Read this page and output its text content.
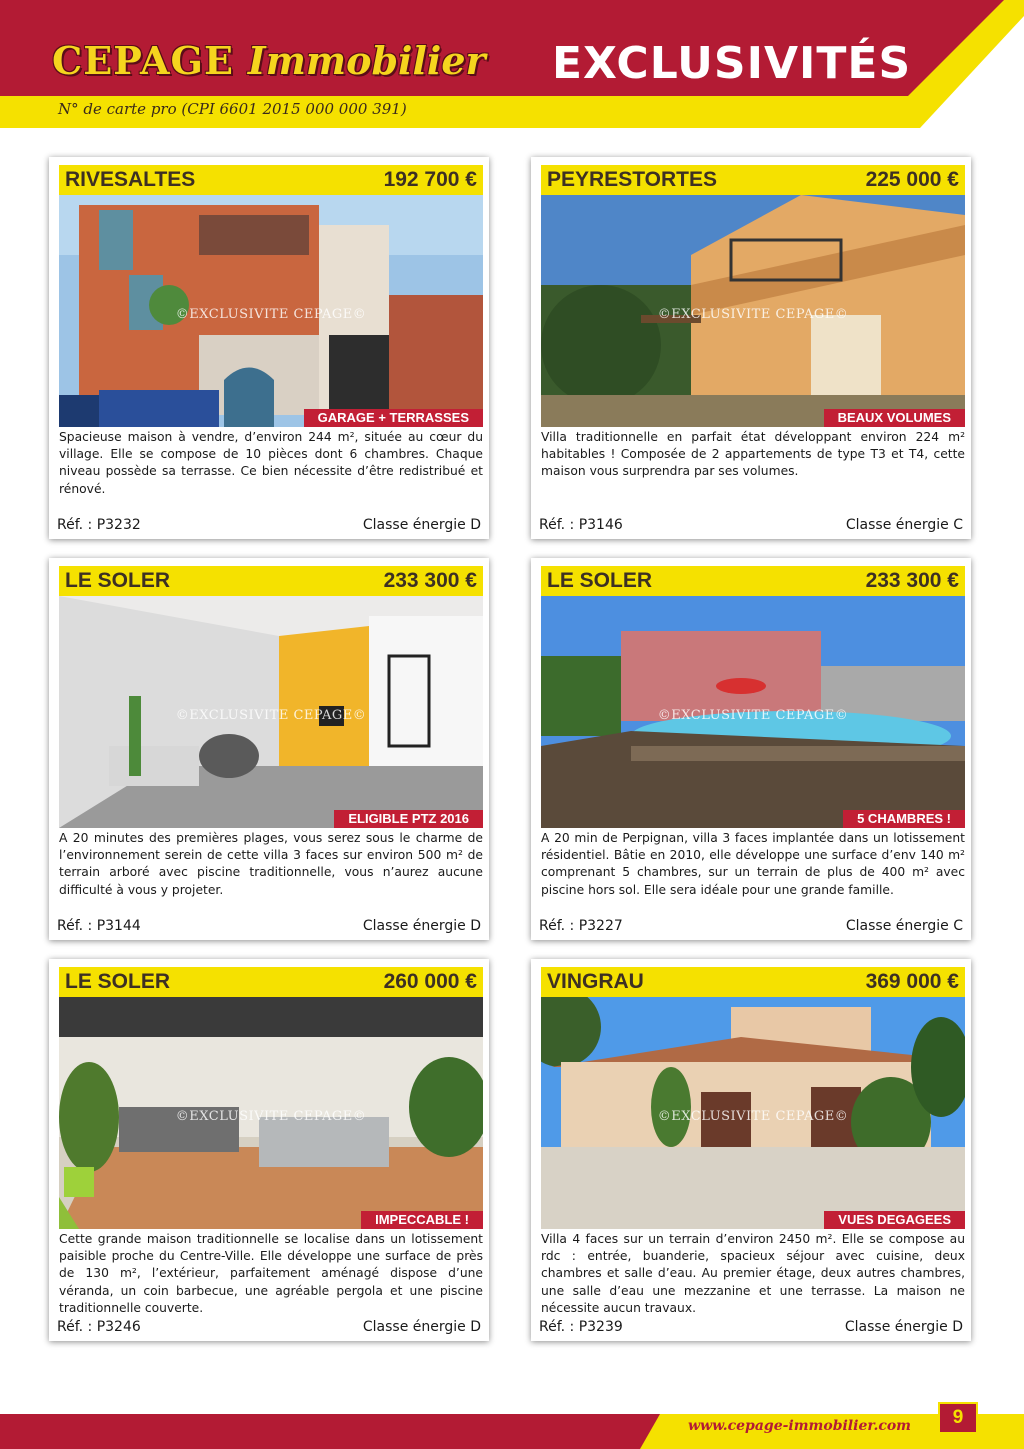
CEPAGE Immobilier EXCLUSIVITÉS
N° de carte pro (CPI 6601 2015 000 000 391)
RIVESALTES	192 700 €
©EXCLUSIVITE CEPAGE©
GARAGE + TERRASSES
Spacieuse maison à vendre, d’environ 244 m², située au cœur du village. Elle se compose de 10 pièces dont 6 chambres. Chaque niveau possède sa terrasse. Ce bien nécessite d’être redistribué et rénové.
Réf. : P3232	Classe énergie D
PEYRESTORTES	225 000 €
©EXCLUSIVITE CEPAGE©
BEAUX VOLUMES
Villa traditionnelle en parfait état développant environ 224 m² habitables ! Composée de 2 appartements de type T3 et T4, cette maison vous surprendra par ses volumes.
Réf. : P3146	Classe énergie C
LE SOLER	233 300 €
©EXCLUSIVITE CEPAGE©
ELIGIBLE PTZ 2016
A 20 minutes des premières plages, vous serez sous le charme de l’environnement serein de cette villa 3 faces sur environ 500 m² de terrain arboré avec piscine traditionnelle, vous n’aurez aucune difficulté à vous y projeter.
Réf. : P3144	Classe énergie D
LE SOLER	233 300 €
©EXCLUSIVITE CEPAGE©
5 CHAMBRES !
A 20 min de Perpignan, villa 3 faces implantée dans un lotissement résidentiel. Bâtie en 2010, elle développe une surface d’env 140 m² comprenant 5 chambres, sur un terrain de plus de 400 m² avec piscine hors sol. Elle sera idéale pour une grande famille.
Réf. : P3227	Classe énergie C
LE SOLER	260 000 €
©EXCLUSIVITE CEPAGE©
IMPECCABLE !
Cette grande maison traditionnelle se localise dans un lotissement paisible proche du Centre-Ville. Elle développe une surface de près de 130 m², l’extérieur, parfaitement aménagé dispose d’une véranda, un coin barbecue, une agréable pergola et une piscine traditionnelle couverte.
Réf. : P3246	Classe énergie D
VINGRAU	369 000 €
©EXCLUSIVITE CEPAGE©
VUES DEGAGEES
Villa 4 faces sur un terrain d’environ 2450 m². Elle se compose au rdc : entrée, buanderie, spacieux séjour avec cuisine, deux chambres et salle d’eau. Au premier étage, deux autres chambres, une salle d’eau une mezzanine et une terrasse. La maison ne nécessite aucun travaux.
Réf. : P3239	Classe énergie D
www.cepage-immobilier.com	9
